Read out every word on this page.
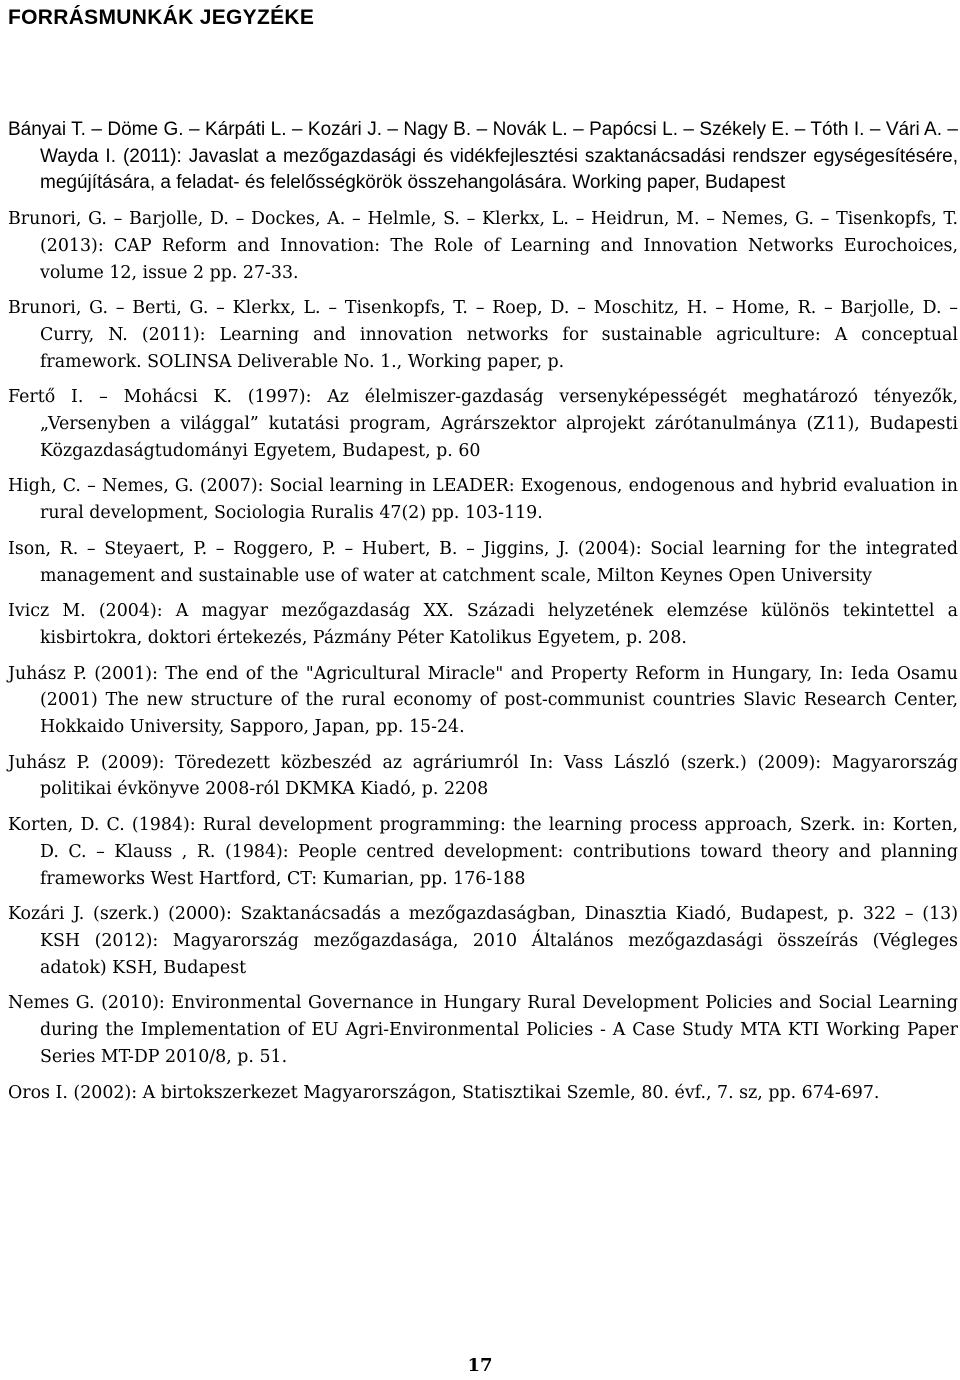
FORRÁSMUNKÁK JEGYZÉKE
Bányai T. – Döme G. – Kárpáti L. – Kozári J. – Nagy B. – Novák L. – Papócsi L. – Székely E. – Tóth I. – Vári A. – Wayda I. (2011): Javaslat a mezőgazdasági és vidékfejlesztési szaktanácsadási rendszer egységesítésére, megújítására, a feladat- és felelősségkörök összehangolására. Working paper, Budapest
Brunori, G. – Barjolle, D. – Dockes, A. – Helmle, S. – Klerkx, L. – Heidrun, M. – Nemes, G. – Tisenkopfs, T. (2013): CAP Reform and Innovation: The Role of Learning and Innovation Networks Eurochoices, volume 12, issue 2 pp. 27-33.
Brunori, G. – Berti, G. – Klerkx, L. – Tisenkopfs, T. – Roep, D. – Moschitz, H. – Home, R. – Barjolle, D. – Curry, N. (2011): Learning and innovation networks for sustainable agriculture: A conceptual framework. SOLINSA Deliverable No. 1., Working paper, p.
Fertő I. – Mohácsi K. (1997): Az élelmiszer-gazdaság versenyképességét meghatározó tényezők, „Versenyben a világgal” kutatási program, Agrárszektor alprojekt zárótanulmánya (Z11), Budapesti Közgazdaságtudományi Egyetem, Budapest, p. 60
High, C. – Nemes, G. (2007): Social learning in LEADER: Exogenous, endogenous and hybrid evaluation in rural development, Sociologia Ruralis 47(2) pp. 103-119.
Ison, R. – Steyaert, P. – Roggero, P. – Hubert, B. – Jiggins, J. (2004): Social learning for the integrated management and sustainable use of water at catchment scale, Milton Keynes Open University
Ivicz M. (2004): A magyar mezőgazdaság XX. Századi helyzetének elemzése különös tekintettel a kisbirtokra, doktori értekezés, Pázmány Péter Katolikus Egyetem, p. 208.
Juhász P. (2001): The end of the "Agricultural Miracle" and Property Reform in Hungary, In: Ieda Osamu (2001) The new structure of the rural economy of post-communist countries Slavic Research Center, Hokkaido University, Sapporo, Japan, pp. 15-24.
Juhász P. (2009): Töredezett közbeszéd az agráriumról In: Vass László (szerk.) (2009): Magyarország politikai évkönyve 2008-ról DKMKA Kiadó, p. 2208
Korten, D. C. (1984): Rural development programming: the learning process approach, Szerk. in: Korten, D. C. – Klauss , R. (1984): People centred development: contributions toward theory and planning frameworks West Hartford, CT: Kumarian, pp. 176-188
Kozári J. (szerk.) (2000): Szaktanácsadás a mezőgazdaságban, Dinasztia Kiadó, Budapest, p. 322 – (13) KSH (2012): Magyarország mezőgazdasága, 2010 Általános mezőgazdasági összeírás (Végleges adatok) KSH, Budapest
Nemes G. (2010): Environmental Governance in Hungary Rural Development Policies and Social Learning during the Implementation of EU Agri-Environmental Policies - A Case Study MTA KTI Working Paper Series MT-DP 2010/8, p. 51.
Oros I. (2002): A birtokszerkezet Magyarországon, Statisztikai Szemle, 80. évf., 7. sz, pp. 674-697.
17
